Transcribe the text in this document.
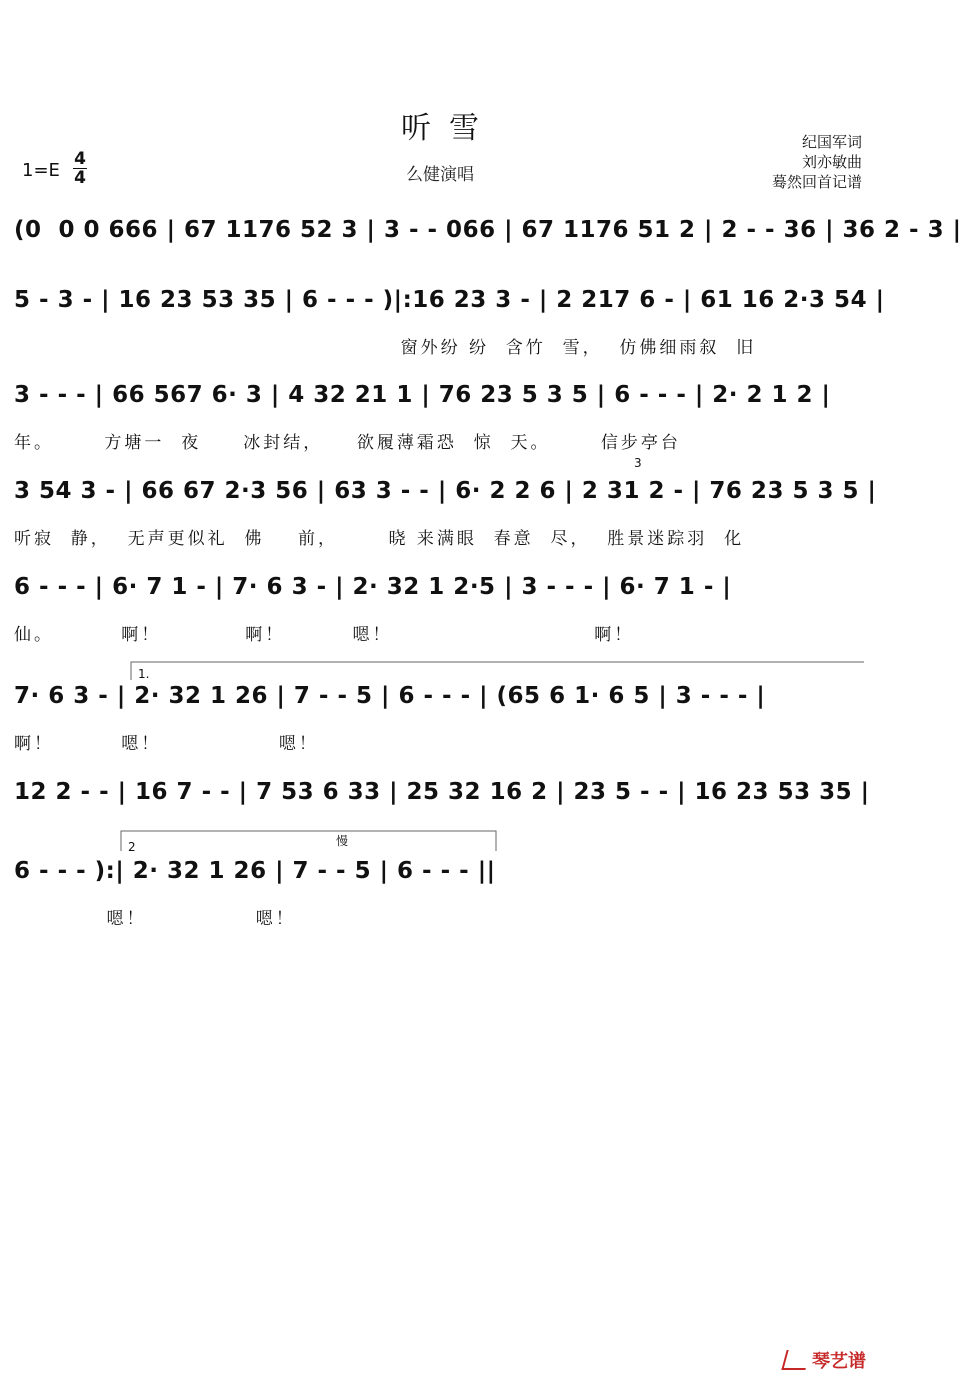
听雪
么健演唱
纪国军词
刘亦敏曲
蓦然回首记谱
1=E
4
4
(0  0 0 666 | 67 1176 52 3 | 3 - - 066 | 67 1176 51 2 | 2 - - 36 | 36 2 - 3 |
5 - 3 - | 16 23 53 35 | 6 - - - )|:16 23 3 - | 2 217 6 - | 61 16 2·3 54 |
窗外纷 纷  含竹  雪，  仿佛细雨叙  旧
3 - - - | 66 567 6· 3 | 4 32 21 1 | 76 23 5 3 5 | 6 - - - | 2· 2 1 2 |
年。      方塘一  夜     冰封结，    欲履薄霜恐  惊  天。      信步亭台
3
3 54 3 - | 66 67 2·3 56 | 63 3 - - | 6· 2 2 6 | 2 31 2 - | 76 23 5 3 5 |
听寂  静，  无声更似礼  佛    前，      晓 来满眼  春意  尽，  胜景迷踪羽  化
6 - - - | 6· 7 1 - | 7· 6 3 - | 2· 32 1 2·5 | 3 - - - | 6· 7 1 - |
仙。        啊！          啊！        嗯！                        啊！
1.
7· 6 3 - | 2· 32 1 26 | 7 - - 5 | 6 - - - | (65 6 1· 6 5 | 3 - - - |
啊！        嗯！              嗯！
12 2 - - | 16 7 - - | 7 53 6 33 | 25 32 16 2 | 23 5 - - | 16 23 53 35 |
2	慢
6 - - - ):| 2· 32 1 26 | 7 - - 5 | 6 - - - ||
嗯！             嗯！
琴艺谱
